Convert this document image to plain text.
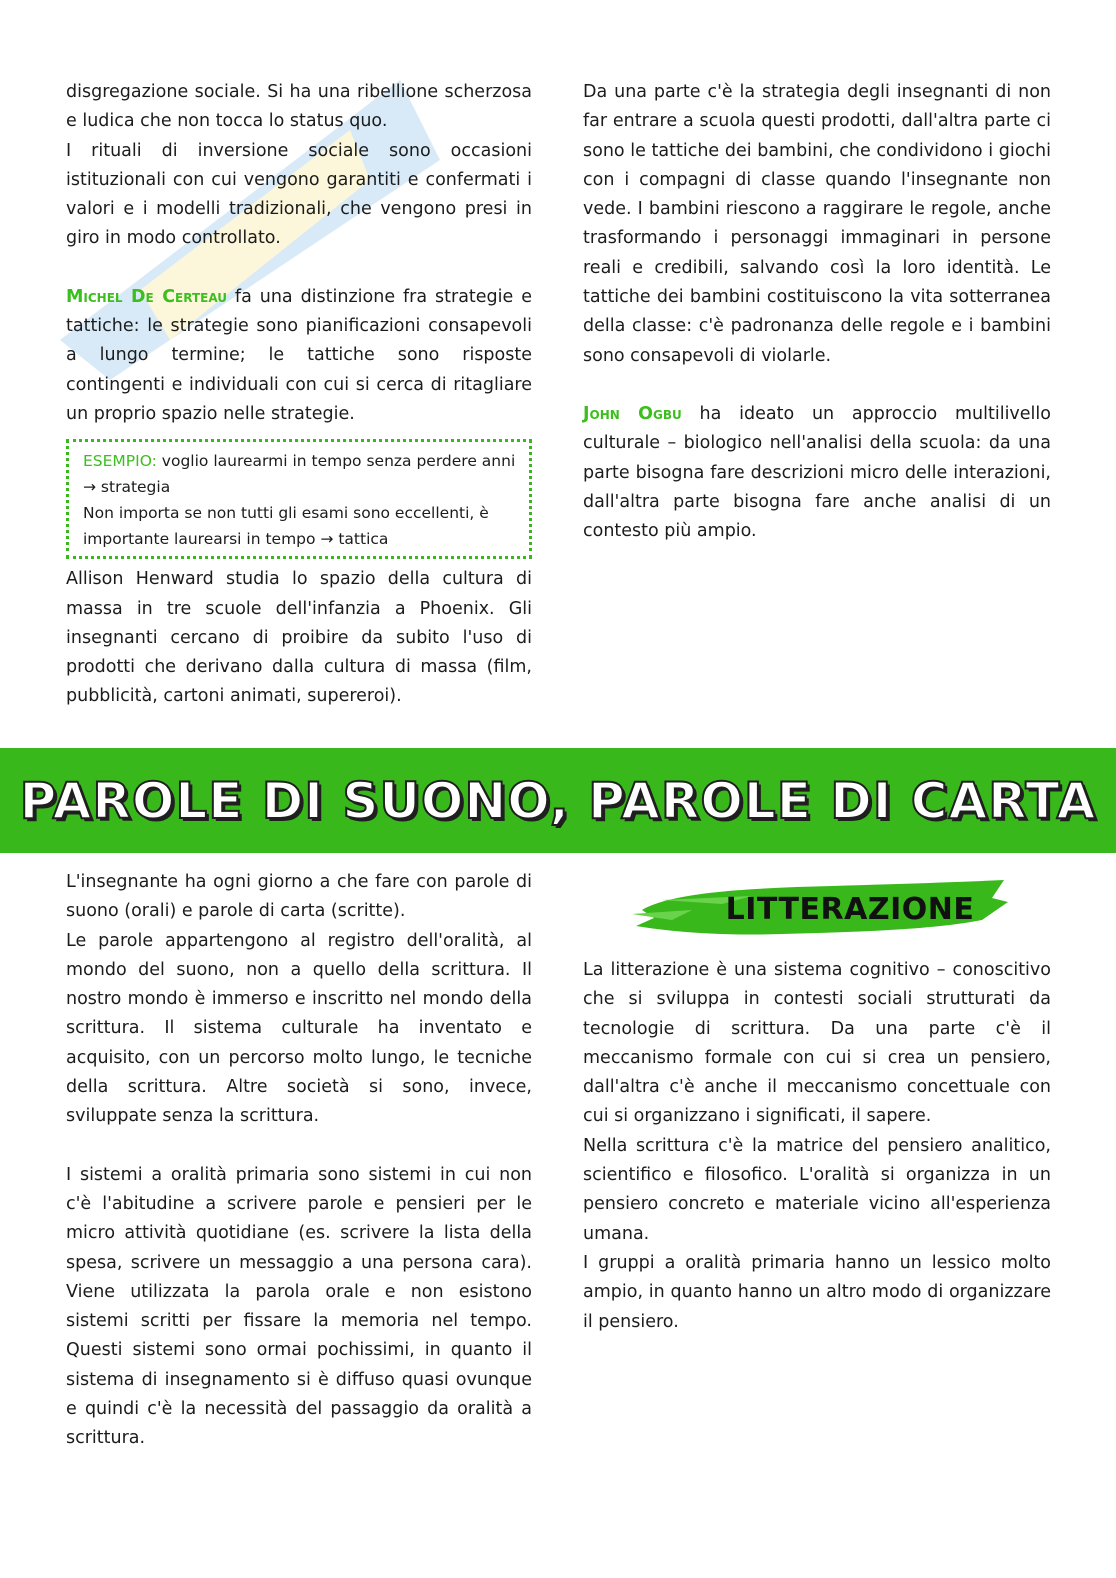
disgregazione sociale. Si ha una ribellione scherzosa e ludica che non tocca lo status quo.

I rituali di inversione sociale sono occasioni istituzionali con cui vengono garantiti e confermati i valori e i modelli tradizionali, che vengono presi in giro in modo controllato.

Michel De Certeau fa una distinzione fra strategie e tattiche: le strategie sono pianificazioni consapevoli a lungo termine; le tattiche sono risposte contingenti e individuali con cui si cerca di ritagliare un proprio spazio nelle strategie.

ESEMPIO: voglio laurearmi in tempo senza perdere anni → strategia
Non importa se non tutti gli esami sono eccellenti, è importante laurearsi in tempo → tattica

Allison Henward studia lo spazio della cultura di massa in tre scuole dell'infanzia a Phoenix. Gli insegnanti cercano di proibire da subito l'uso di prodotti che derivano dalla cultura di massa (film, pubblicità, cartoni animati, supereroi).

Da una parte c'è la strategia degli insegnanti di non far entrare a scuola questi prodotti, dall'altra parte ci sono le tattiche dei bambini, che condividono i giochi con i compagni di classe quando l'insegnante non vede. I bambini riescono a raggirare le regole, anche trasformando i personaggi immaginari in persone reali e credibili, salvando così la loro identità. Le tattiche dei bambini costituiscono la vita sotterranea della classe: c'è padronanza delle regole e i bambini sono consapevoli di violarle.

John Ogbu ha ideato un approccio multilivello culturale – biologico nell'analisi della scuola: da una parte bisogna fare descrizioni micro delle interazioni, dall'altra parte bisogna fare anche analisi di un contesto più ampio.

PAROLE DI SUONO, PAROLE DI CARTA

L'insegnante ha ogni giorno a che fare con parole di suono (orali) e parole di carta (scritte).

Le parole appartengono al registro dell'oralità, al mondo del suono, non a quello della scrittura. Il nostro mondo è immerso e inscritto nel mondo della scrittura. Il sistema culturale ha inventato e acquisito, con un percorso molto lungo, le tecniche della scrittura. Altre società si sono, invece, sviluppate senza la scrittura.

I sistemi a oralità primaria sono sistemi in cui non c'è l'abitudine a scrivere parole e pensieri per le micro attività quotidiane (es. scrivere la lista della spesa, scrivere un messaggio a una persona cara). Viene utilizzata la parola orale e non esistono sistemi scritti per fissare la memoria nel tempo. Questi sistemi sono ormai pochissimi, in quanto il sistema di insegnamento si è diffuso quasi ovunque e quindi c'è la necessità del passaggio da oralità a scrittura.

LITTERAZIONE

La litterazione è una sistema cognitivo – conoscitivo che si sviluppa in contesti sociali strutturati da tecnologie di scrittura. Da una parte c'è il meccanismo formale con cui si crea un pensiero, dall'altra c'è anche il meccanismo concettuale con cui si organizzano i significati, il sapere.

Nella scrittura c'è la matrice del pensiero analitico, scientifico e filosofico. L'oralità si organizza in un pensiero concreto e materiale vicino all'esperienza umana.

I gruppi a oralità primaria hanno un lessico molto ampio, in quanto hanno un altro modo di organizzare il pensiero.
